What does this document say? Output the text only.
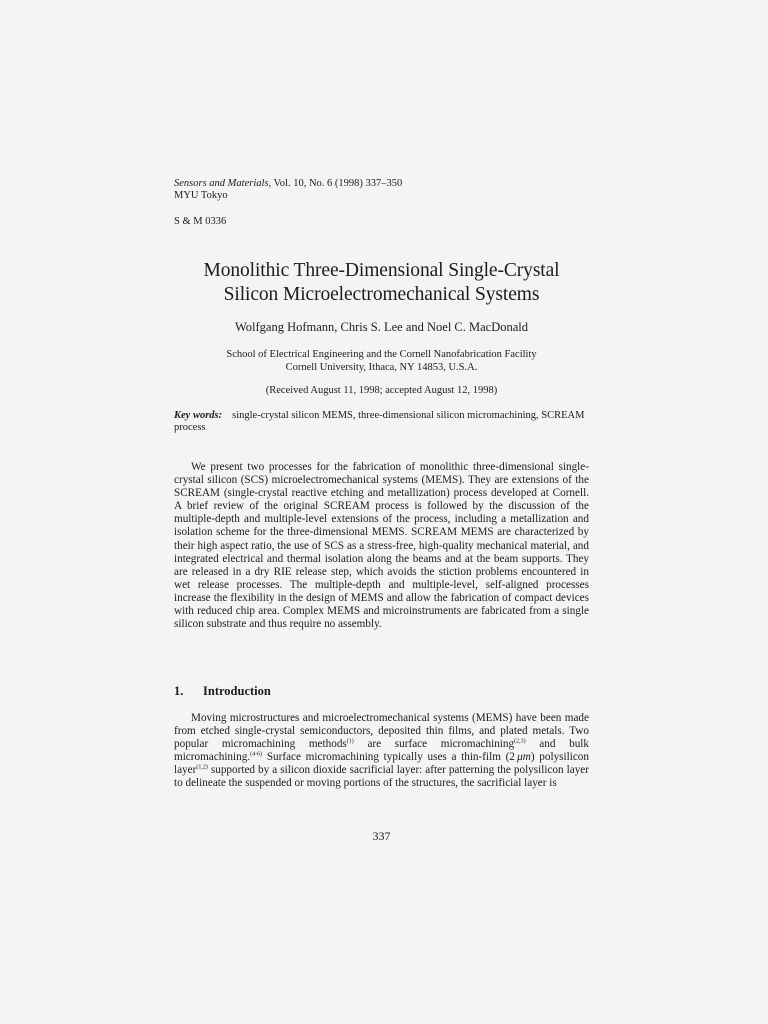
Sensors and Materials, Vol. 10, No. 6 (1998) 337–350
MYU Tokyo
S & M 0336
Monolithic Three-Dimensional Single-Crystal
Silicon Microelectromechanical Systems
Wolfgang Hofmann, Chris S. Lee and Noel C. MacDonald
School of Electrical Engineering and the Cornell Nanofabrication Facility
Cornell University, Ithaca, NY 14853, U.S.A.
(Received August 11, 1998; accepted August 12, 1998)
Key words: single-crystal silicon MEMS, three-dimensional silicon micromachining, SCREAM process

We present two processes for the fabrication of monolithic three-dimensional single-crystal silicon (SCS) microelectromechanical systems (MEMS). They are extensions of the SCREAM (single-crystal reactive etching and metallization) process developed at Cornell. A brief review of the original SCREAM process is followed by the discussion of the multiple-depth and multiple-level extensions of the process, including a metallization and isolation scheme for the three-dimensional MEMS. SCREAM MEMS are characterized by their high aspect ratio, the use of SCS as a stress-free, high-quality mechanical material, and integrated electrical and thermal isolation along the beams and at the beam supports. They are released in a dry RIE release step, which avoids the stiction problems encountered in wet release processes. The multiple-depth and multiple-level, self-aligned processes increase the flexibility in the design of MEMS and allow the fabrication of compact devices with reduced chip area. Complex MEMS and microinstruments are fabricated from a single silicon substrate and thus require no assembly.

1. Introduction

Moving microstructures and microelectromechanical systems (MEMS) have been made from etched single-crystal semiconductors, deposited thin films, and plated metals. Two popular micromachining methods$^{(1)}$ are surface micromachining$^{(2,3)}$ and bulk micromachining.$^{(4-6)}$ Surface micromachining typically uses a thin-film (2 μm) polysilicon layer$^{(1,2)}$ supported by a silicon dioxide sacrificial layer: after patterning the polysilicon layer to delineate the suspended or moving portions of the structures, the sacrificial layer is

337
